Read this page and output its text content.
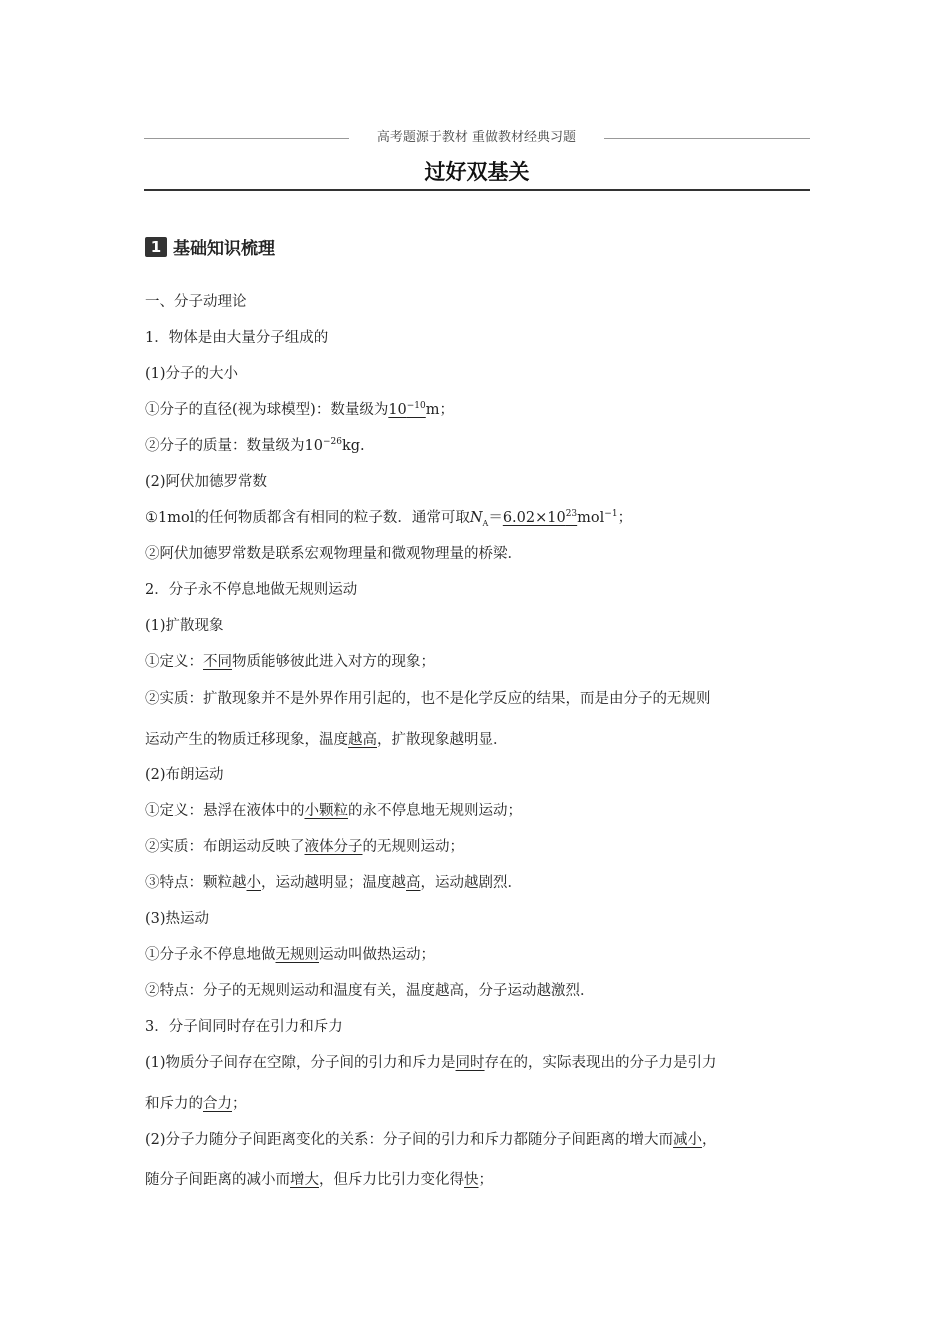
高考题源于教材 重做教材经典习题
过好双基关
1 基础知识梳理
一、分子动理论
1．物体是由大量分子组成的
(1)分子的大小
①分子的直径(视为球模型)：数量级为$10^{-10}m$；
②分子的质量：数量级为$10^{-26}kg$.
(2)阿伏加德罗常数
①1mol的任何物质都含有相同的粒子数．通常可取$N_A=6.02\times 10^{23}mol^{-1}$；
②阿伏加德罗常数是联系宏观物理量和微观物理量的桥梁．
2．分子永不停息地做无规则运动
(1)扩散现象
①定义：不同物质能够彼此进入对方的现象；
②实质：扩散现象并不是外界作用引起的，也不是化学反应的结果，而是由分子的无规则
运动产生的物质迁移现象，温度越高，扩散现象越明显．
(2)布朗运动
①定义：悬浮在液体中的小颗粒的永不停息地无规则运动；
②实质：布朗运动反映了液体分子的无规则运动；
③特点：颗粒越小，运动越明显；温度越高，运动越剧烈．
(3)热运动
①分子永不停息地做无规则运动叫做热运动；
②特点：分子的无规则运动和温度有关，温度越高，分子运动越激烈．
3．分子间同时存在引力和斥力
(1)物质分子间存在空隙，分子间的引力和斥力是同时存在的，实际表现出的分子力是引力
和斥力的合力；
(2)分子力随分子间距离变化的关系：分子间的引力和斥力都随分子间距离的增大而减小，
随分子间距离的减小而增大，但斥力比引力变化得快；
